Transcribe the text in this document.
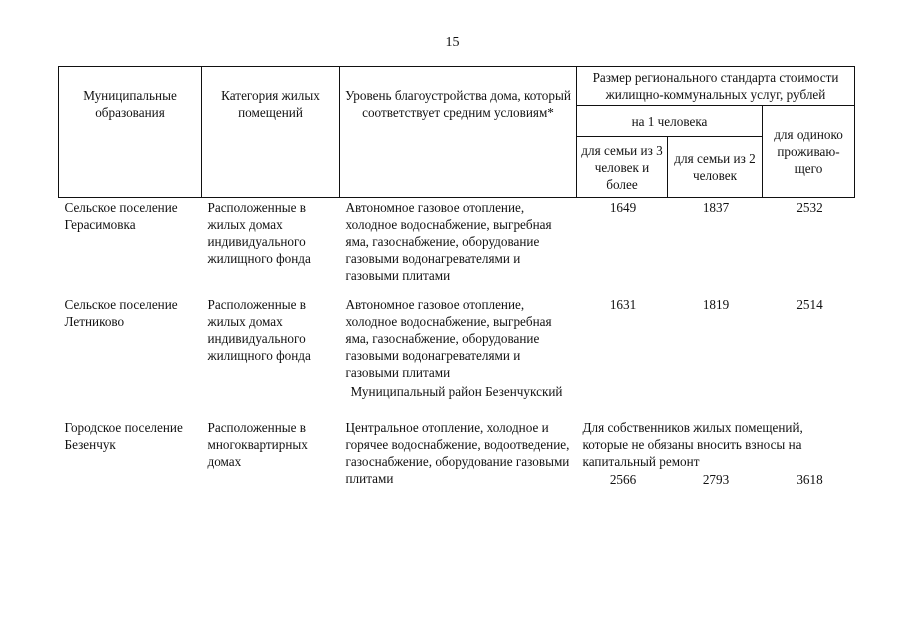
15
Муниципальные образования	Категория жилых помещений	Уровень благоустройства дома, который соответствует средним условиям*	Размер регионального стандарта стоимости жилищно-коммунальных услуг, рублей		
			на 1 человека		для одиноко проживаю-щего
			для семьи из 3 человек и более	для семьи из 2 человек	
Сельское поселение Герасимовка	Расположенные в жилых домах индивидуального жилищного фонда	Автономное газовое отопление, холодное водоснабжение, выгребная яма, газоснабжение, оборудование газовыми водонагревателями и газовыми плитами	1649	1837	2532

Сельское поселение Летниково	Расположенные в жилых домах индивидуального жилищного фонда	Автономное газовое отопление, холодное водоснабжение, выгребная яма, газоснабжение, оборудование газовыми водонагревателями и газовыми плитами	1631	1819	2514
Муниципальный район Безенчукский					
Городское поселение Безенчук	Расположенные в многоквартирных домах	Центральное отопление, холодное и горячее водоснабжение, водоотведение, газоснабжение, оборудование газовыми плитами	Для собственников жилых помещений, которые не обязаны вносить взносы на капитальный ремонт		
			2566	2793	3618
